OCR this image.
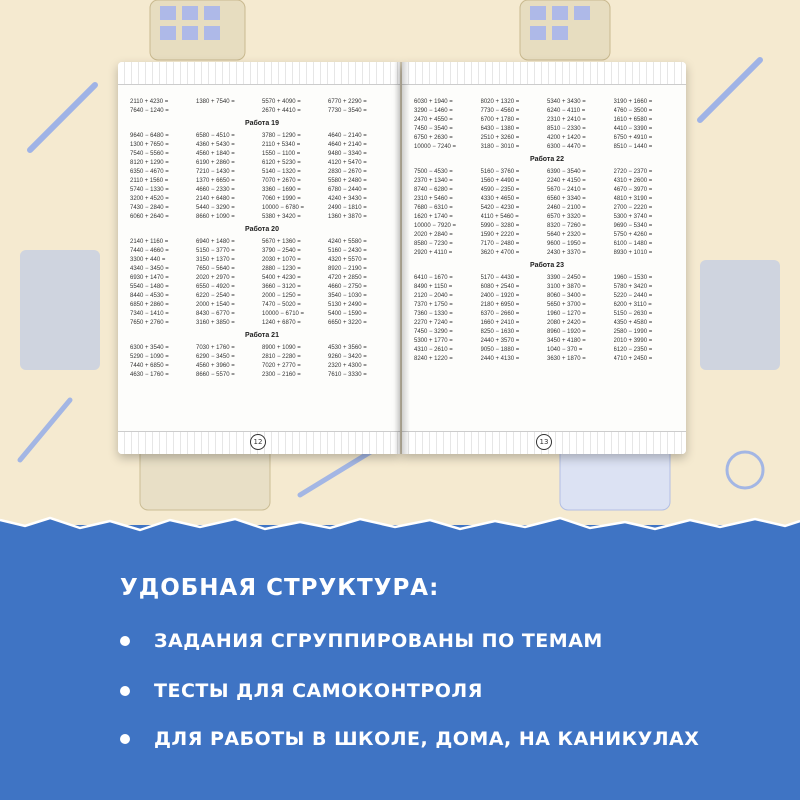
2110 + 4230 =	1380 + 7540 =	5570 + 4090 =	6770 + 2290 =
7640 − 1240 =	2670 + 4410 =	7730 − 3540 =
Работа 19
9640 − 6480 =	6580 − 4510 =	3780 − 1290 =	4640 − 2140 =
1300 + 7650 =	4360 + 5430 =	2110 + 5340 =	4640 + 2140 =
7540 − 5560 =	4560 + 1840 =	1550 − 1100 =	9480 − 3340 =
8120 + 1290 =	6190 + 2860 =	6120 + 5230 =	4120 + 5470 =
6350 − 4670 =	7210 − 1430 =	5140 − 1320 =	2830 − 2670 =
2110 + 1560 =	1370 + 6650 =	7070 + 2670 =	5580 + 2480 =
5740 − 1330 =	4660 − 2330 =	3360 − 1690 =	6780 − 2440 =
3200 + 4520 =	2140 + 6480 =	7060 + 1990 =	4240 + 3430 =
7430 − 2840 =	5440 − 3290 =	10000 − 6780 =	2490 − 1810 =
6060 + 2640 =	8660 + 1090 =	5380 + 3420 =	1360 + 3870 =
Работа 20
2140 + 1160 =	6940 + 1480 =	5670 + 1360 =	4240 + 5580 =
7440 − 4660 =	5150 − 3770 =	3790 − 2540 =	5160 − 2430 =
3300 + 440 =	3150 + 1370 =	2030 + 1070 =	4320 + 5570 =
4340 − 3450 =	7650 − 5640 =	2880 − 1230 =	8920 − 2190 =
6930 + 1470 =	2020 + 2970 =	5400 + 4230 =	4720 + 2850 =
5540 − 1480 =	6550 − 4920 =	3660 − 3120 =	4660 − 2750 =
8440 − 4530 =	6220 − 2540 =	2000 − 1250 =	3540 − 1030 =
6850 + 2860 =	2000 + 1540 =	7470 − 5020 =	5130 + 2490 =
7340 − 1410 =	8430 − 6770 =	10000 − 6710 =	5400 − 1590 =
7650 + 2760 =	3160 + 3850 =	1240 + 6870 =	6650 + 3220 =
Работа 21
6300 + 3540 =	7030 + 1760 =	8900 + 1090 =	4530 + 3560 =
5290 − 1090 =	6290 − 3450 =	2810 − 2280 =	9260 − 3420 =
7440 + 6850 =	4560 + 3960 =	7020 + 2770 =	2320 + 4300 =
4630 − 1760 =	8660 − 5570 =	2300 − 2160 =	7610 − 3330 =
12
6030 + 1940 =	8020 + 1320 =	5340 + 3430 =	3190 + 1660 =
3290 − 1460 =	7730 − 4560 =	6240 − 4110 =	4760 − 3500 =
2470 + 4550 =	6700 + 1780 =	2310 + 2410 =	1610 + 6580 =
7450 − 3540 =	6430 − 1380 =	8510 − 2330 =	4410 − 3390 =
6750 + 2630 =	2510 + 3260 =	4200 + 1420 =	6750 + 4910 =
10000 − 7240 =	3180 − 3010 =	6300 − 4470 =	8510 − 1440 =
Работа 22
7500 − 4530 =	5160 − 3760 =	6390 − 3540 =	2720 − 2370 =
2370 + 1340 =	1560 + 4490 =	2240 + 4150 =	4310 + 2600 =
8740 − 6280 =	4590 − 2350 =	5670 − 2410 =	4670 − 3970 =
2310 + 5460 =	4330 + 4650 =	6560 + 3340 =	4810 + 3190 =
7680 − 6310 =	5420 − 4230 =	2460 − 2100 =	2700 − 2220 =
1620 + 1740 =	4110 + 5460 =	6570 + 3320 =	5300 + 3740 =
10000 − 7920 =	5990 − 3280 =	8320 − 7260 =	9690 − 5340 =
2020 + 2840 =	1590 + 2220 =	5640 + 2320 =	5750 + 4260 =
8580 − 7230 =	7170 − 2480 =	9600 − 1950 =	6100 − 1480 =
2920 + 4110 =	3620 + 4700 =	2430 + 3370 =	8930 + 1010 =
Работа 23
6410 − 1670 =	5170 − 4430 =	3390 − 2450 =	1960 − 1530 =
8490 + 1150 =	6080 + 2540 =	3100 + 3870 =	5780 + 3420 =
2120 − 2040 =	2400 − 1920 =	8060 − 3400 =	5220 − 2440 =
7370 + 1750 =	2180 + 6950 =	5650 + 3700 =	6200 + 3110 =
7360 − 1330 =	6370 − 2660 =	1960 − 1270 =	5150 − 2630 =
2270 + 7240 =	1660 + 2410 =	2080 + 2420 =	4350 + 4580 =
7450 − 3290 =	8250 − 1630 =	8960 − 1920 =	2580 − 1990 =
5300 + 1770 =	2440 + 3570 =	3450 + 4180 =	2010 + 3990 =
4310 − 2610 =	9050 − 1880 =	1040 − 370 =	6120 − 2350 =
8240 + 1220 =	2440 + 4130 =	3630 + 1870 =	4710 + 2450 =
13
УДОБНАЯ СТРУКТУРА:
ЗАДАНИЯ СГРУППИРОВАНЫ ПО ТЕМАМ
ТЕСТЫ ДЛЯ САМОКОНТРОЛЯ
ДЛЯ РАБОТЫ В ШКОЛЕ, ДОМА, НА КАНИКУЛАХ
